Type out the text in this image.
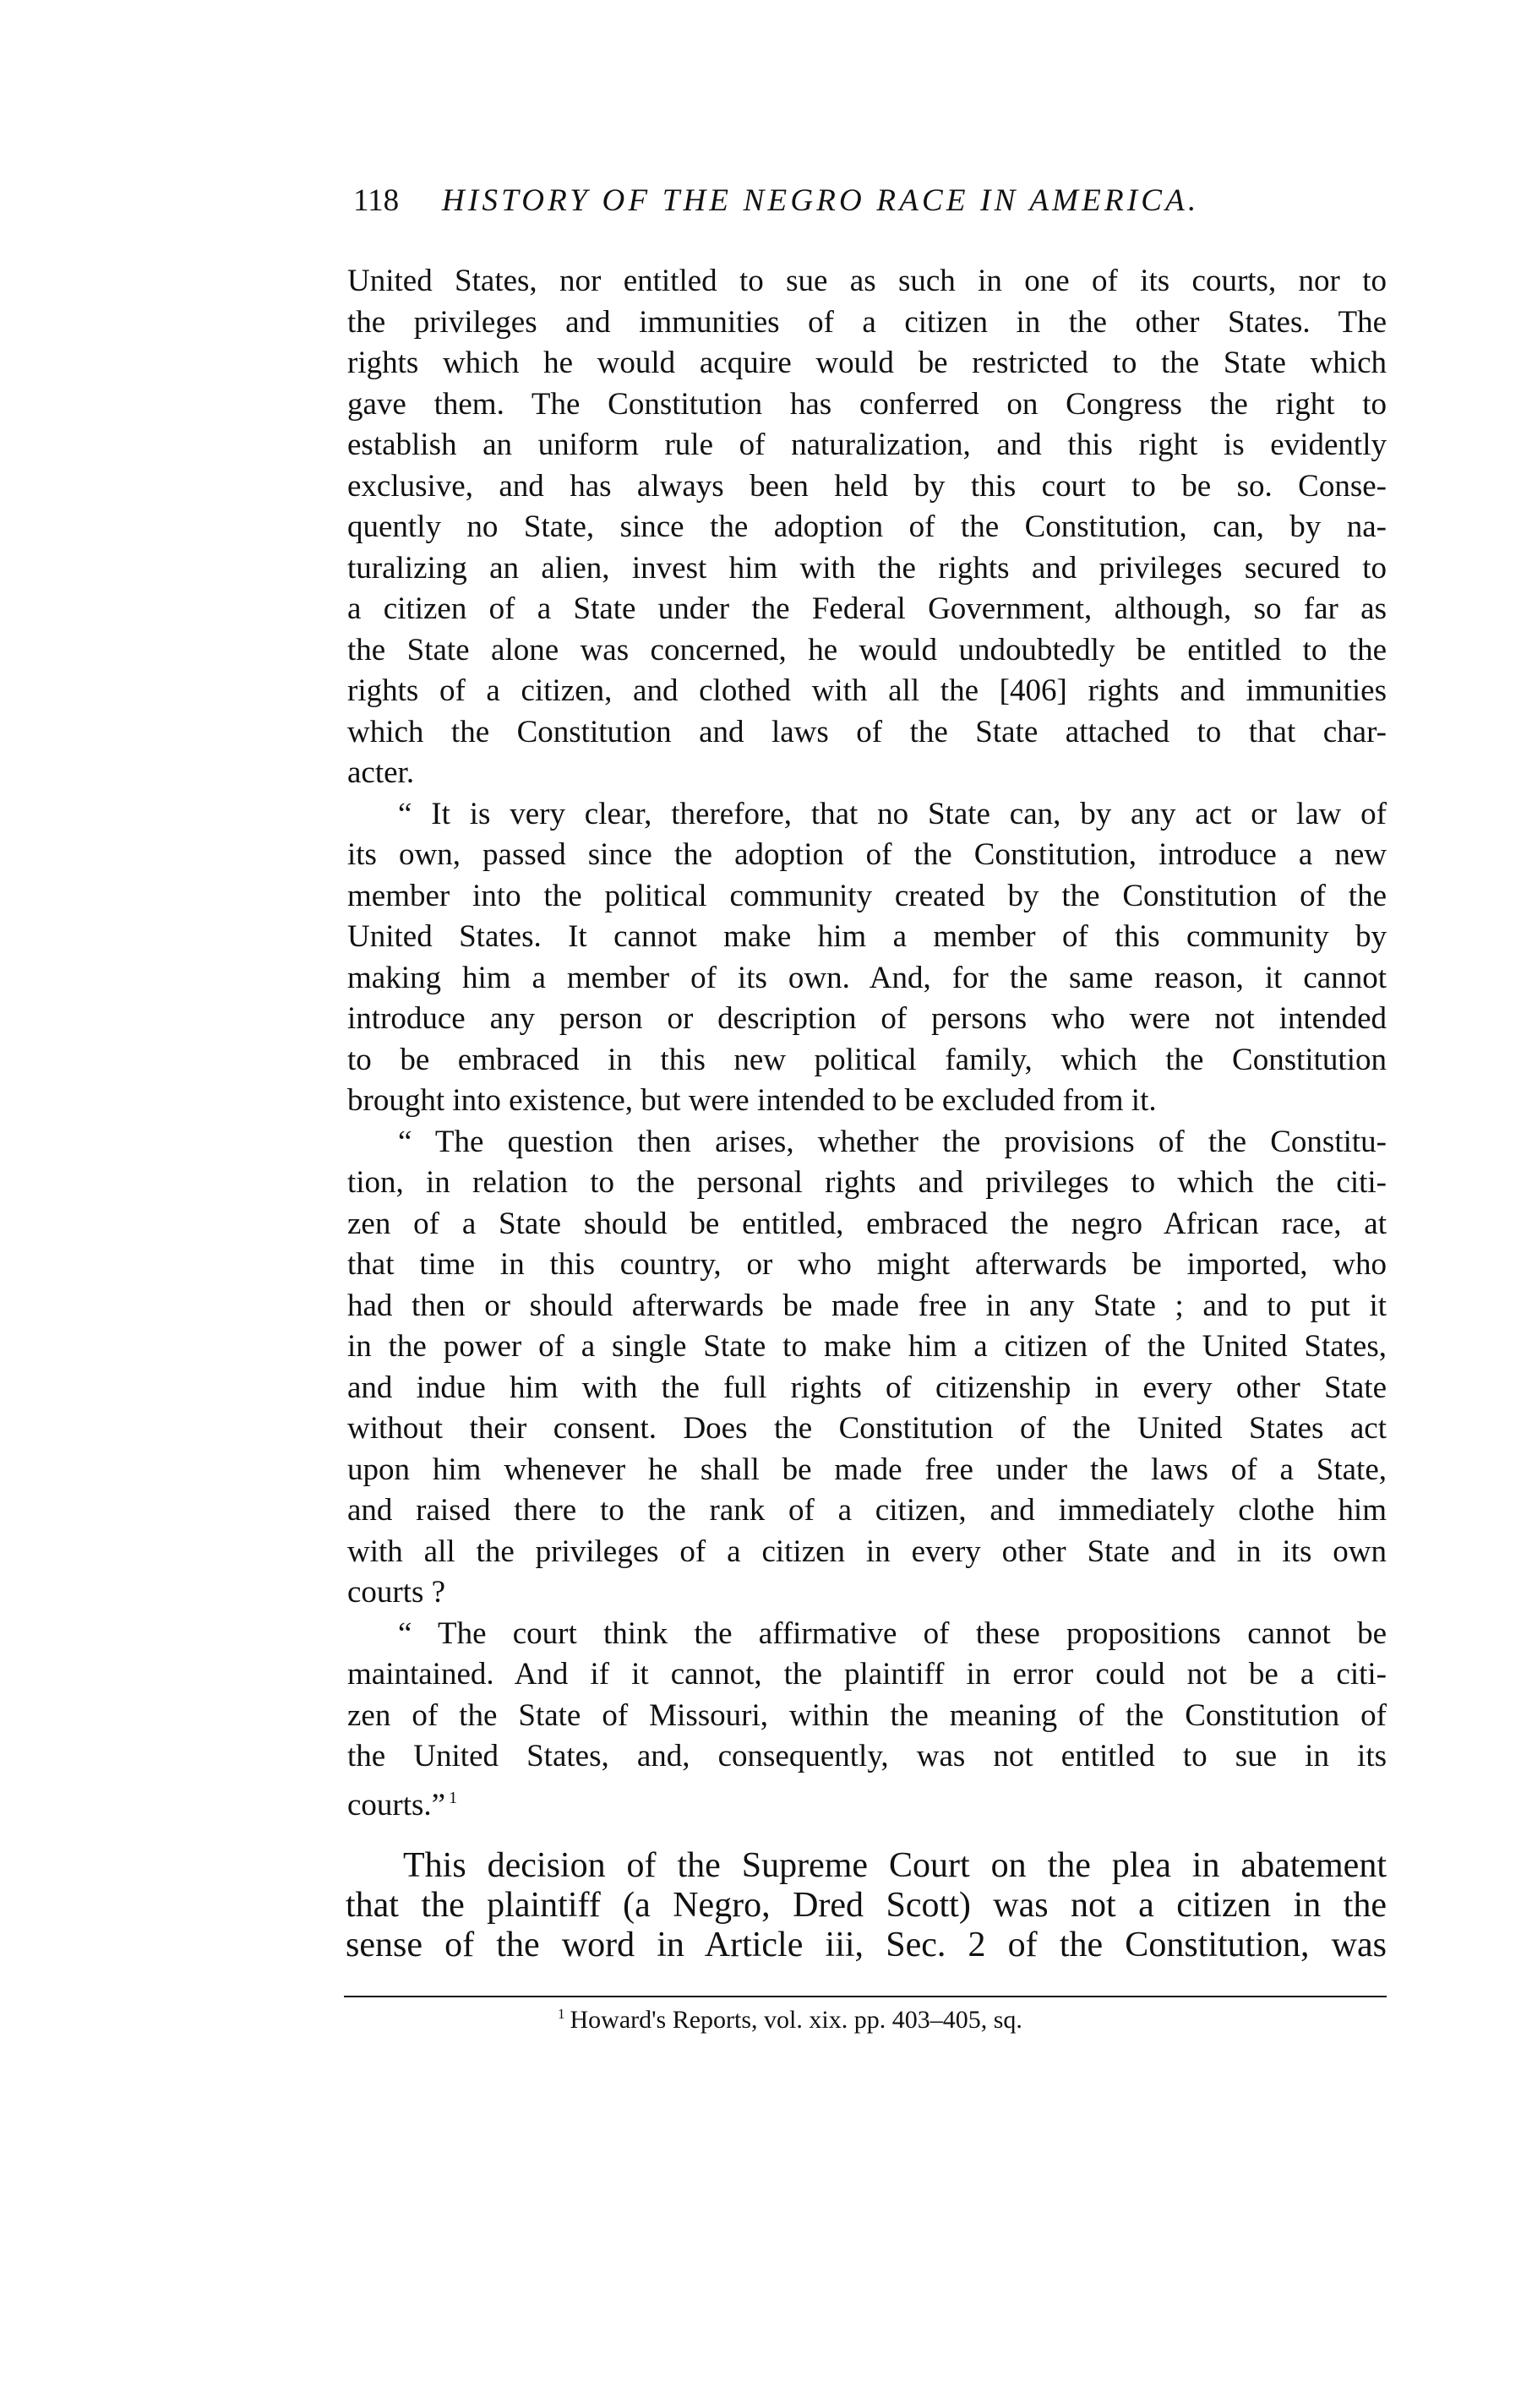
118 HISTORY OF THE NEGRO RACE IN AMERICA.
United States, nor entitled to sue as such in one of its courts, nor to
the privileges and immunities of a citizen in the other States. The
rights which he would acquire would be restricted to the State which
gave them. The Constitution has conferred on Congress the right to
establish an uniform rule of naturalization, and this right is evidently
exclusive, and has always been held by this court to be so. Conse-
quently no State, since the adoption of the Constitution, can, by na-
turalizing an alien, invest him with the rights and privileges secured to
a citizen of a State under the Federal Government, although, so far as
the State alone was concerned, he would undoubtedly be entitled to the
rights of a citizen, and clothed with all the [406] rights and immunities
which the Constitution and laws of the State attached to that char-
acter.
“ It is very clear, therefore, that no State can, by any act or law of
its own, passed since the adoption of the Constitution, introduce a new
member into the political community created by the Constitution of the
United States. It cannot make him a member of this community by
making him a member of its own. And, for the same reason, it cannot
introduce any person or description of persons who were not intended
to be embraced in this new political family, which the Constitution
brought into existence, but were intended to be excluded from it.
“ The question then arises, whether the provisions of the Constitu-
tion, in relation to the personal rights and privileges to which the citi-
zen of a State should be entitled, embraced the negro African race, at
that time in this country, or who might afterwards be imported, who
had then or should afterwards be made free in any State ; and to put it
in the power of a single State to make him a citizen of the United States,
and indue him with the full rights of citizenship in every other State
without their consent. Does the Constitution of the United States act
upon him whenever he shall be made free under the laws of a State,
and raised there to the rank of a citizen, and immediately clothe him
with all the privileges of a citizen in every other State and in its own
courts ?
“ The court think the affirmative of these propositions cannot be
maintained. And if it cannot, the plaintiff in error could not be a citi-
zen of the State of Missouri, within the meaning of the Constitution of
the United States, and, consequently, was not entitled to sue in its
courts.” $^1$
This decision of the Supreme Court on the plea in abatement
that the plaintiff (a Negro, Dred Scott) was not a citizen in the
sense of the word in Article iii, Sec. 2 of the Constitution, was
$^1$ Howard's Reports, vol. xix. pp. 403–405, sq.
